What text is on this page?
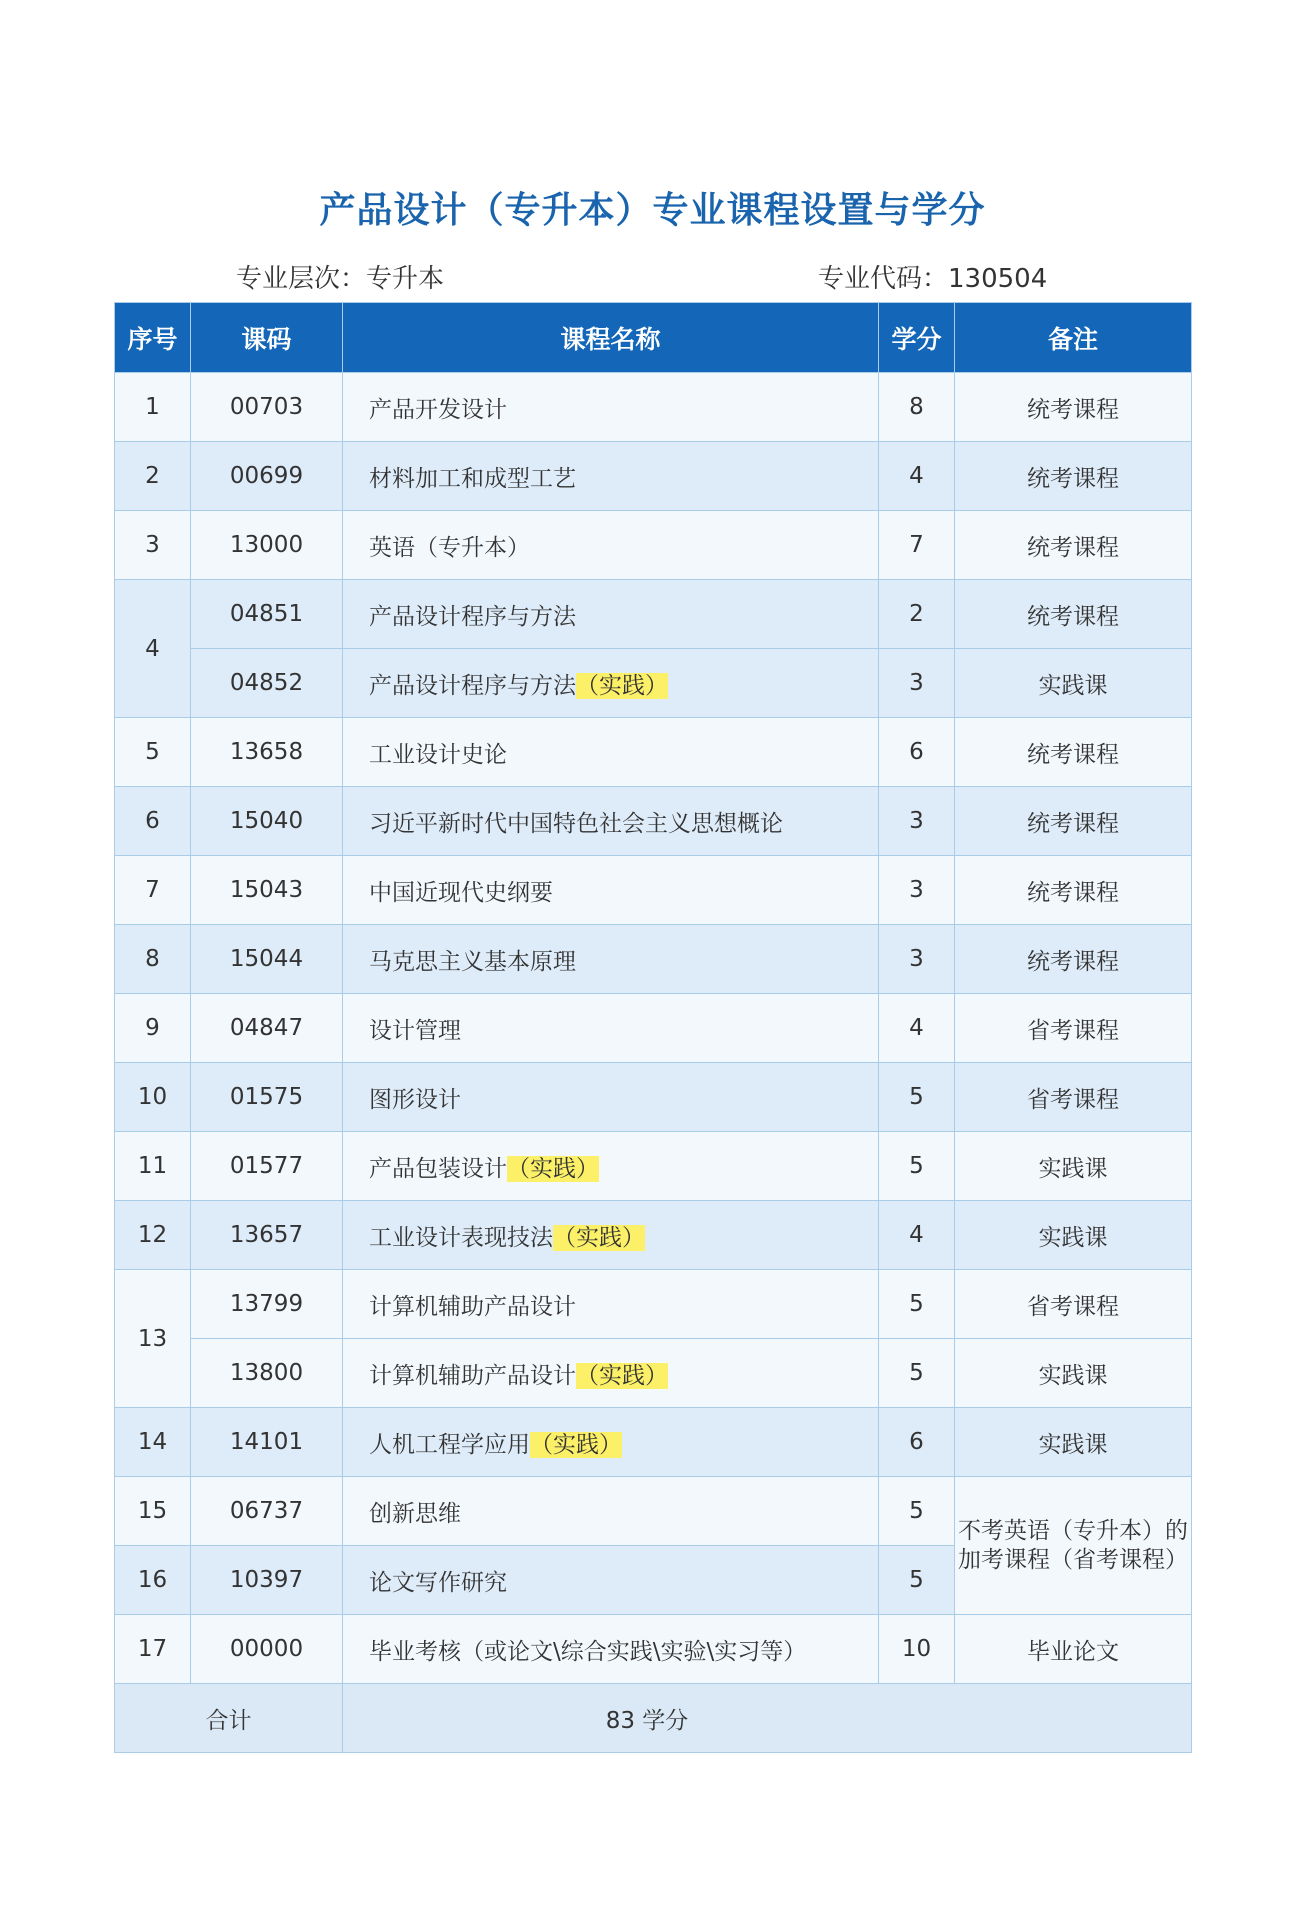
产品设计（专升本）专业课程设置与学分
专业层次：专升本	专业代码：130504
序号	课码	课程名称	学分	备注
1	00703	产品开发设计	8	统考课程
2	00699	材料加工和成型工艺	4	统考课程
3	13000	英语（专升本）	7	统考课程
4	04851	产品设计程序与方法	2	统考课程
	04852	产品设计程序与方法（实践）	3	实践课
5	13658	工业设计史论	6	统考课程
6	15040	习近平新时代中国特色社会主义思想概论	3	统考课程
7	15043	中国近现代史纲要	3	统考课程
8	15044	马克思主义基本原理	3	统考课程
9	04847	设计管理	4	省考课程
10	01575	图形设计	5	省考课程
11	01577	产品包装设计（实践）	5	实践课
12	13657	工业设计表现技法（实践）	4	实践课
13	13799	计算机辅助产品设计	5	省考课程
	13800	计算机辅助产品设计（实践）	5	实践课
14	14101	人机工程学应用（实践）	6	实践课
15	06737	创新思维	5	不考英语（专升本）的加考课程（省考课程）
16	10397	论文写作研究	5	
17	00000	毕业考核（或论文\综合实践\实验\实习等）	10	毕业论文
合计		83 学分		
